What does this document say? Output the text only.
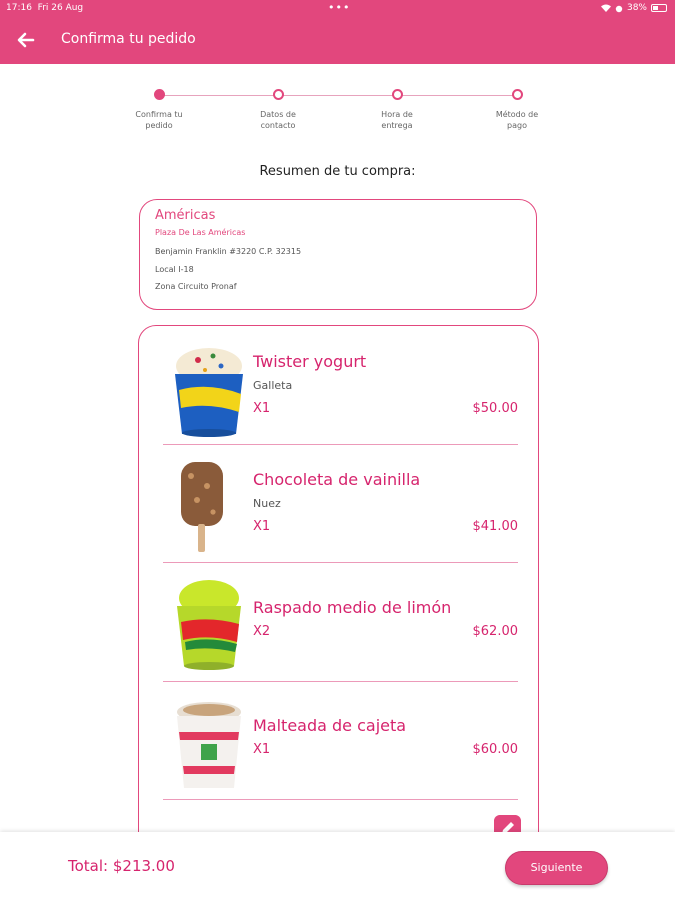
17:16 Fri 26 Aug	•••	38%
Confirma tu pedido
Confirma tu
pedido
Datos de
contacto
Hora de
entrega
Método de
pago
Resumen de tu compra:
Américas
Plaza De Las Américas
Benjamin Franklin #3220 C.P. 32315
Local I-18
Zona Circuito Pronaf
Twister yogurt
Galleta
X1	$50.00
Chocoleta de vainilla
Nuez
X1	$41.00
Raspado medio de limón
X2	$62.00
Malteada de cajeta
X1	$60.00
Total: $213.00	Siguiente
